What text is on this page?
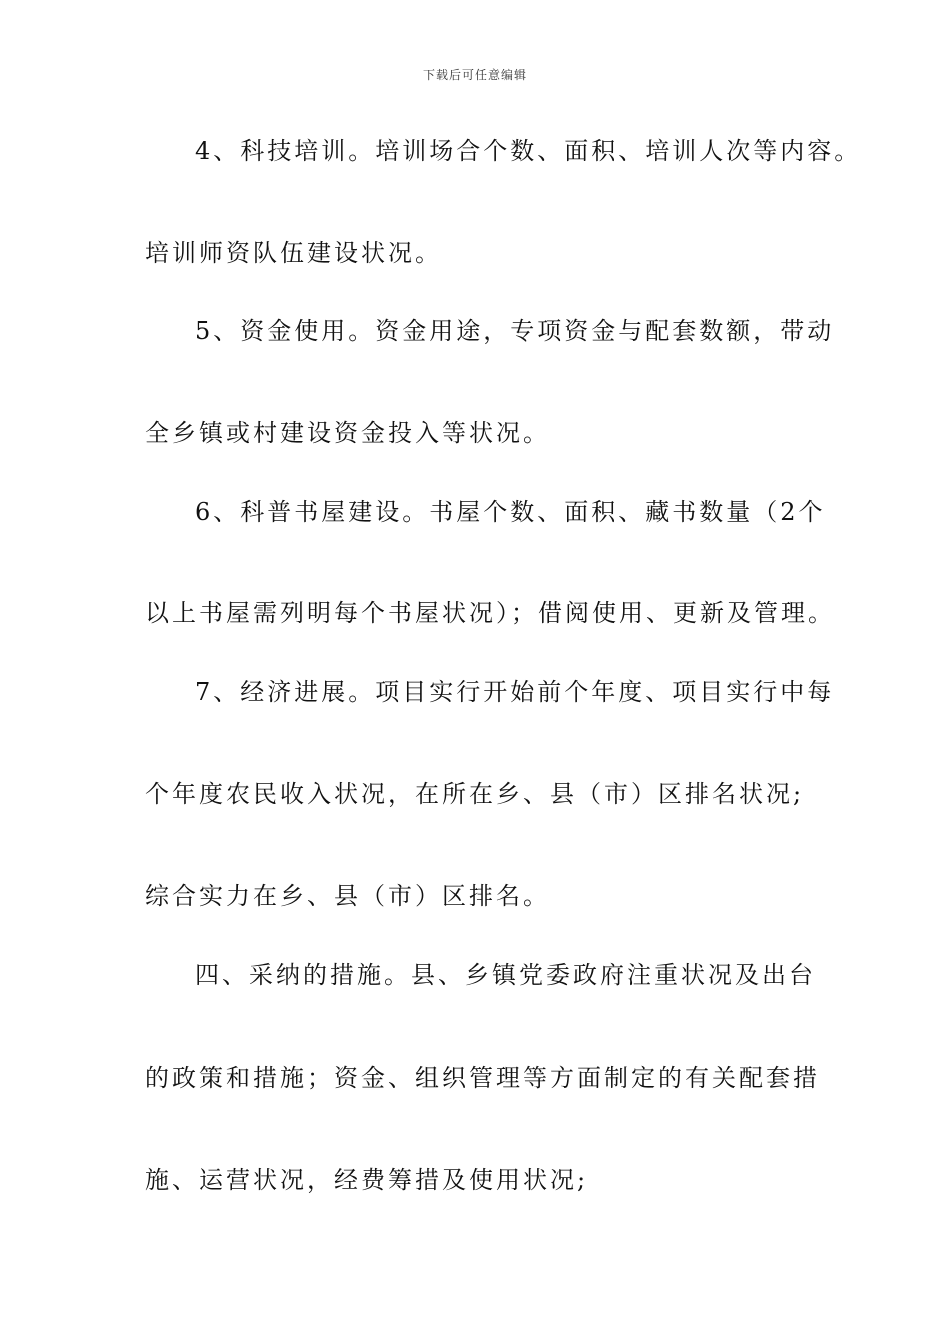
下载后可任意编辑
4、科技培训。培训场合个数、面积、培训人次等内容。
培训师资队伍建设状况。
5、资金使用。资金用途，专项资金与配套数额，带动
全乡镇或村建设资金投入等状况。
6、科普书屋建设。书屋个数、面积、藏书数量（2个
以上书屋需列明每个书屋状况）；借阅使用、更新及管理。
7、经济进展。项目实行开始前个年度、项目实行中每
个年度农民收入状况，在所在乡、县（市）区排名状况;
综合实力在乡、县（市）区排名。
四、采纳的措施。县、乡镇党委政府注重状况及出台
的政策和措施；资金、组织管理等方面制定的有关配套措
施、运营状况，经费筹措及使用状况;
